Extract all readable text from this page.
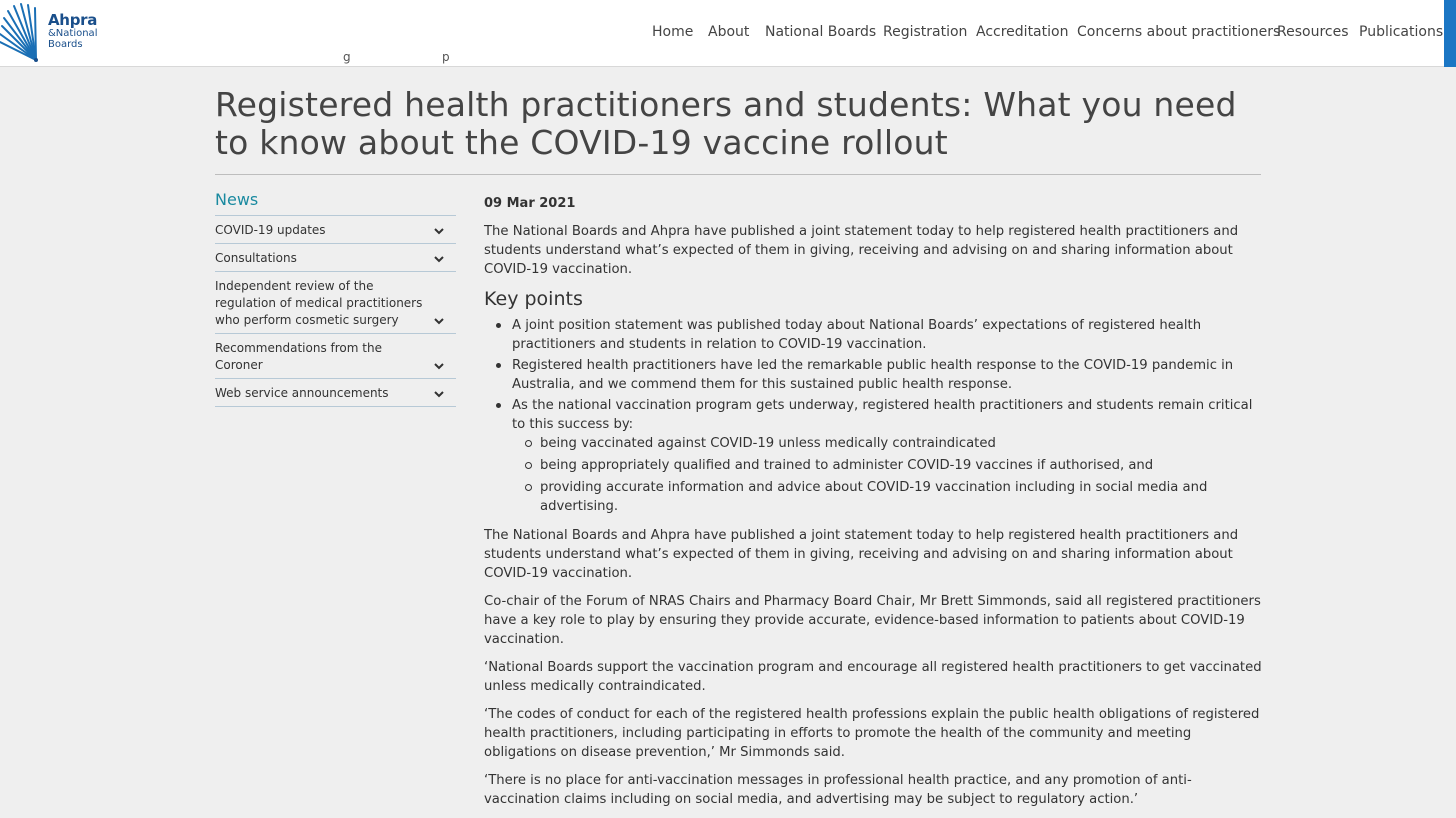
Ahpra
&National
Boards
Home About National Boards Registration Accreditation Concerns about practitioners
Resources Publications
g	p
Registered health practitioners and students: What you need to know about the COVID-19 vaccine rollout
News
COVID-19 updates
Consultations
Independent review of the regulation of medical practitioners who perform cosmetic surgery
Recommendations from the Coroner
Web service announcements
09 Mar 2021

The National Boards and Ahpra have published a joint statement today to help registered health practitioners and students understand what’s expected of them in giving, receiving and advising on and sharing information about COVID-19 vaccination.

Key points
A joint position statement was published today about National Boards’ expectations of registered health practitioners and students in relation to COVID-19 vaccination.
Registered health practitioners have led the remarkable public health response to the COVID-19 pandemic in Australia, and we commend them for this sustained public health response.
As the national vaccination program gets underway, registered health practitioners and students remain critical to this success by:
being vaccinated against COVID-19 unless medically contraindicated
being appropriately qualified and trained to administer COVID-19 vaccines if authorised, and
providing accurate information and advice about COVID-19 vaccination including in social media and advertising.

The National Boards and Ahpra have published a joint statement today to help registered health practitioners and students understand what’s expected of them in giving, receiving and advising on and sharing information about COVID-19 vaccination.

Co-chair of the Forum of NRAS Chairs and Pharmacy Board Chair, Mr Brett Simmonds, said all registered practitioners have a key role to play by ensuring they provide accurate, evidence-based information to patients about COVID-19 vaccination.

‘National Boards support the vaccination program and encourage all registered health practitioners to get vaccinated unless medically contraindicated.

‘The codes of conduct for each of the registered health professions explain the public health obligations of registered health practitioners, including participating in efforts to promote the health of the community and meeting obligations on disease prevention,’ Mr Simmonds said.

‘There is no place for anti-vaccination messages in professional health practice, and any promotion of anti-vaccination claims including on social media, and advertising may be subject to regulatory action.’
